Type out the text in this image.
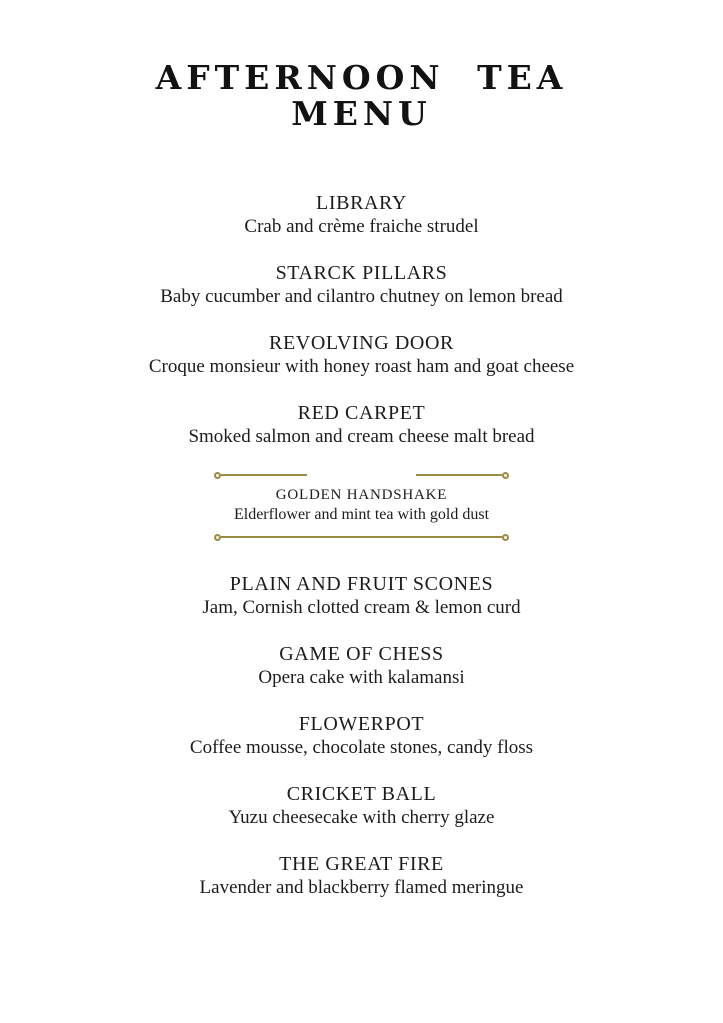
AFTERNOON TEA
MENU
LIBRARY
Crab and crème fraiche strudel
STARCK PILLARS
Baby cucumber and cilantro chutney on lemon bread
REVOLVING DOOR
Croque monsieur with honey roast ham and goat cheese
RED CARPET
Smoked salmon and cream cheese malt bread
GOLDEN HANDSHAKE
Elderflower and mint tea with gold dust
PLAIN AND FRUIT SCONES
Jam, Cornish clotted cream & lemon curd
GAME OF CHESS
Opera cake with kalamansi
FLOWERPOT
Coffee mousse, chocolate stones, candy floss
CRICKET BALL
Yuzu cheesecake with cherry glaze
THE GREAT FIRE
Lavender and blackberry flamed meringue
